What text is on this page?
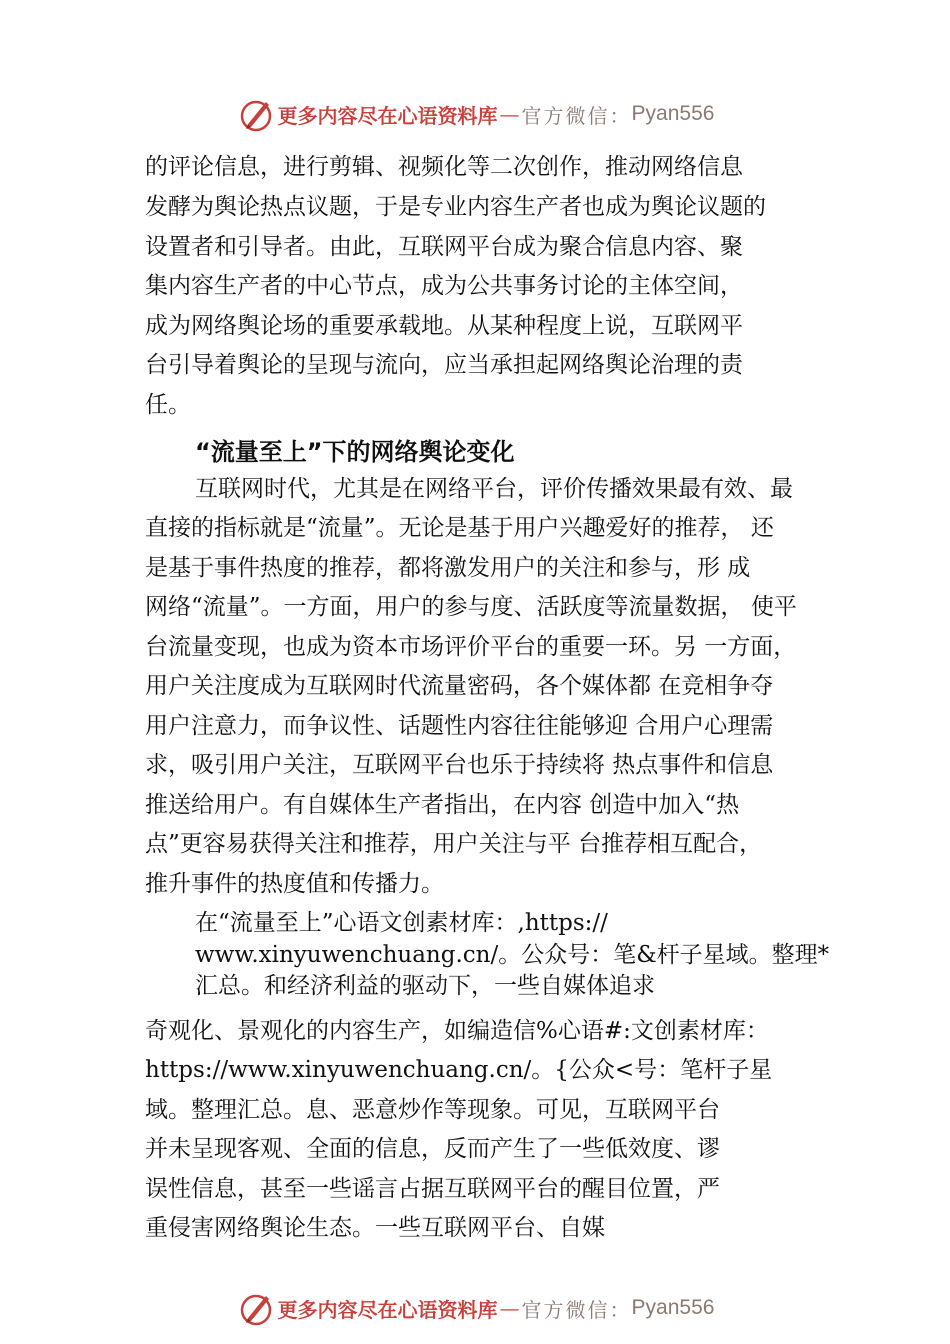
更多内容尽在心语资料库 — 官方微信： Pyan556
的评论信息，进行剪辑、视频化等二次创作，推动网络信息
发酵为舆论热点议题，于是专业内容生产者也成为舆论议题的
设置者和引导者。由此，互联网平台成为聚合信息内容、聚
集内容生产者的中心节点，成为公共事务讨论的主体空间，
成为网络舆论场的重要承载地。从某种程度上说，互联网平
台引导着舆论的呈现与流向，应当承担起网络舆论治理的责
任。
“流量至上”下的网络舆论变化
互联网时代，尤其是在网络平台，评价传播效果最有效、最
直接的指标就是“流量”。无论是基于用户兴趣爱好的推荐， 还
是基于事件热度的推荐，都将激发用户的关注和参与，形 成
网络“流量”。一方面，用户的参与度、活跃度等流量数据， 使平
台流量变现，也成为资本市场评价平台的重要一环。另 一方面，
用户关注度成为互联网时代流量密码，各个媒体都 在竞相争夺
用户注意力，而争议性、话题性内容往往能够迎 合用户心理需
求，吸引用户关注，互联网平台也乐于持续将 热点事件和信息
推送给用户。有自媒体生产者指出，在内容 创造中加入“热
点”更容易获得关注和推荐，用户关注与平 台推荐相互配合，
推升事件的热度值和传播力。
在“流量至上”心语文创素材库：,https://
www.xinyuwenchuang.cn/。公众号：笔&杆子星域。整理*
汇总。和经济利益的驱动下，一些自媒体追求
奇观化、景观化的内容生产，如编造信%心语#:文创素材库：
https://www.xinyuwenchuang.cn/。{公众<号：笔杆子星
域。整理汇总。息、恶意炒作等现象。可见，互联网平台
并未呈现客观、全面的信息，反而产生了一些低效度、谬
误性信息，甚至一些谣言占据互联网平台的醒目位置，严
重侵害网络舆论生态。一些互联网平台、自媒
更多内容尽在心语资料库 — 官方微信： Pyan556
